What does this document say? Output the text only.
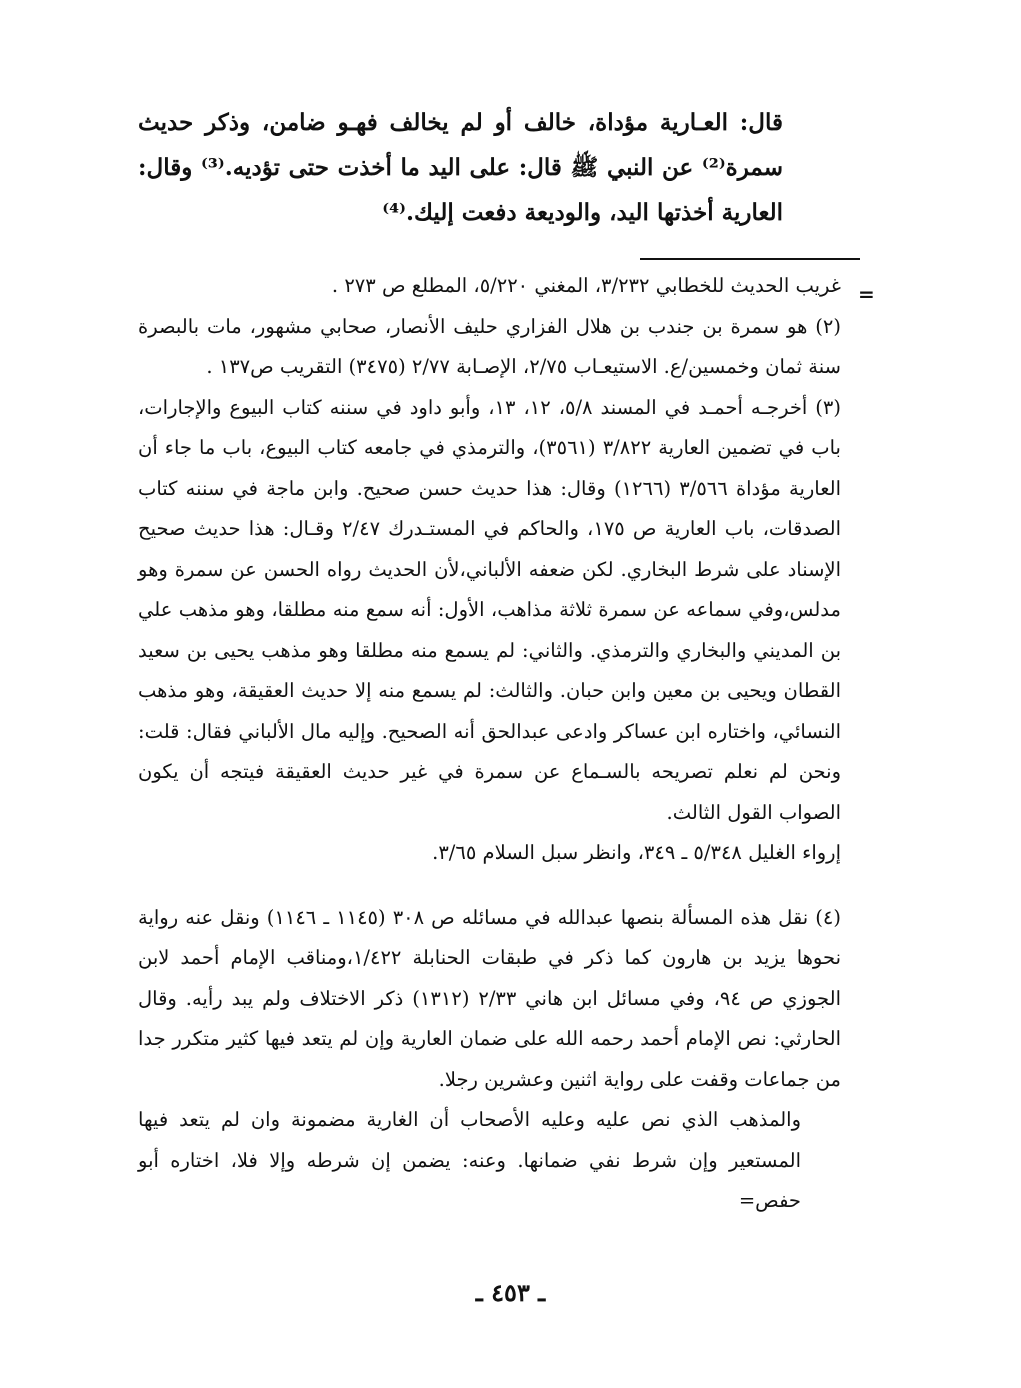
قال: العـارية مؤداة، خالف أو لم يخالف فهـو ضامن، وذكر حديث سمرة⁽²⁾ عن النبي ﷺ قال: على اليد ما أخذت حتى تؤديه.⁽³⁾ وقال: العارية أخذتها اليد، والوديعة دفعت إليك.⁽⁴⁾

=

غريب الحديث للخطابي ٣/٢٣٢، المغني ٥/٢٢٠، المطلع ص ٢٧٣ .

(٢) هو سمرة بن جندب بن هلال الفزاري حليف الأنصار، صحابي مشهور، مات بالبصرة سنة ثمان وخمسين/ع. الاستيعـاب ٢/٧٥، الإصـابة ٢/٧٧ (٣٤٧٥) التقريب ص١٣٧ .

(٣) أخرجـه أحمـد في المسند ٥/٨، ١٢، ١٣، وأبو داود في سننه كتاب البيوع والإجارات، باب في تضمين العارية ٣/٨٢٢ (٣٥٦١)، والترمذي في جامعه كتاب البيوع، باب ما جاء أن العارية مؤداة ٣/٥٦٦ (١٢٦٦) وقال: هذا حديث حسن صحيح. وابن ماجة في سننه كتاب الصدقات، باب العارية ص ١٧٥، والحاكم في المستـدرك ٢/٤٧ وقـال: هذا حديث صحيح الإسناد على شرط البخاري. لكن ضعفه الألباني،لأن الحديث رواه الحسن عن سمرة وهو مدلس،وفي سماعه عن سمرة ثلاثة مذاهب، الأول: أنه سمع منه مطلقا، وهو مذهب علي بن المديني والبخاري والترمذي. والثاني: لم يسمع منه مطلقا وهو مذهب يحيى بن سعيد القطان ويحيى بن معين وابن حبان. والثالث: لم يسمع منه إلا حديث العقيقة، وهو مذهب النسائي، واختاره ابن عساكر وادعى عبدالحق أنه الصحيح. وإليه مال الألباني فقال: قلت: ونحن لم نعلم تصريحه بالسـماع عن سمرة في غير حديث العقيقة فيتجه أن يكون الصواب القول الثالث.

إرواء الغليل ٥/٣٤٨ ـ ٣٤٩، وانظر سبل السلام ٣/٦٥.

(٤) نقل هذه المسألة بنصها عبدالله في مسائله ص ٣٠٨ (١١٤٥ ـ ١١٤٦) ونقل عنه رواية نحوها يزيد بن هارون كما ذكر في طبقات الحنابلة ١/٤٢٢،ومناقب الإمام أحمد لابن الجوزي ص ٩٤، وفي مسائل ابن هاني ٢/٣٣ (١٣١٢) ذكر الاختلاف ولم يبد رأيه. وقال الحارثي: نص الإمام أحمد رحمه الله على ضمان العارية وإن لم يتعد فيها كثير متكرر جدا من جماعات وقفت على رواية اثنين وعشرين رجلا.

والمذهب الذي نص عليه وعليه الأصحاب أن الغارية مضمونة وان لم يتعد فيها المستعير وإن شرط نفي ضمانها. وعنه: يضمن إن شرطه وإلا فلا، اختاره أبو حفص=

ـ ٤٥٣ ـ
